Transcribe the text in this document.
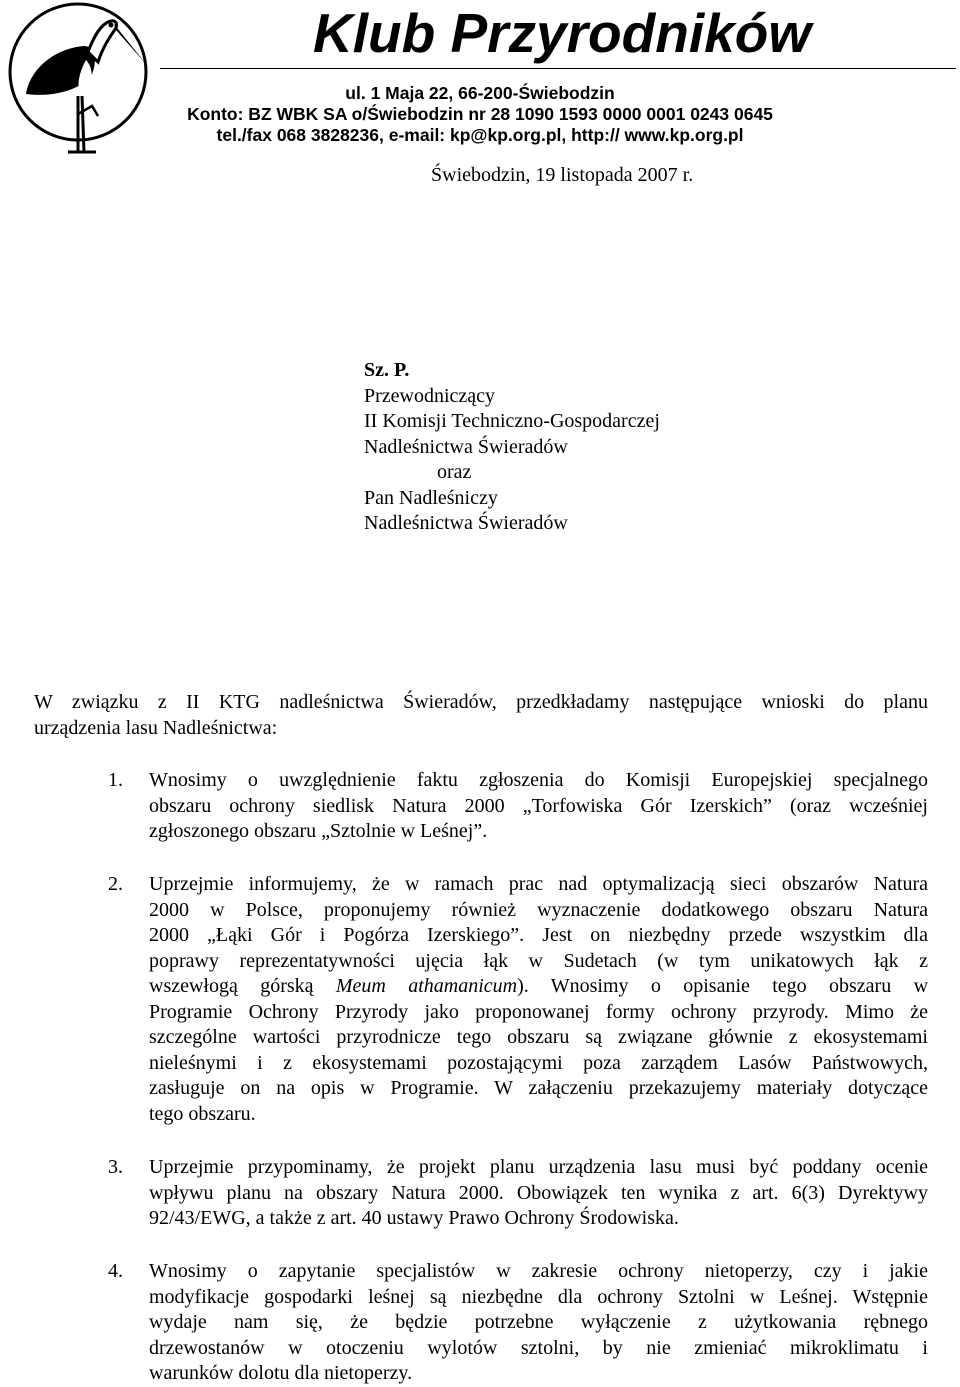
Klub Przyrodników
ul. 1 Maja 22, 66-200-Świebodzin
Konto: BZ WBK SA o/Świebodzin nr 28 1090 1593 0000 0001 0243 0645
tel./fax 068 3828236, e-mail: kp@kp.org.pl, http:// www.kp.org.pl
Świebodzin, 19 listopada 2007 r.
Sz. P.
Przewodniczący
II Komisji Techniczno-Gospodarczej
Nadleśnictwa Świeradów
oraz
Pan Nadleśniczy
Nadleśnictwa Świeradów
W związku z II KTG nadleśnictwa Świeradów, przedkładamy następujące wnioski do planu
urządzenia lasu Nadleśnictwa:
1.	Wnosimy o uwzględnienie faktu zgłoszenia do Komisji Europejskiej specjalnego
obszaru ochrony siedlisk Natura 2000 „Torfowiska Gór Izerskich” (oraz wcześniej
zgłoszonego obszaru „Sztolnie w Leśnej”.
2.	Uprzejmie informujemy, że w ramach prac nad optymalizacją sieci obszarów Natura
2000 w Polsce, proponujemy również wyznaczenie dodatkowego obszaru Natura
2000 „Łąki Gór i Pogórza Izerskiego”. Jest on niezbędny przede wszystkim dla
poprawy reprezentatywności ujęcia łąk w Sudetach (w tym unikatowych łąk z
wszewłogą górską Meum athamanicum). Wnosimy o opisanie tego obszaru w
Programie Ochrony Przyrody jako proponowanej formy ochrony przyrody. Mimo że
szczególne wartości przyrodnicze tego obszaru są związane głównie z ekosystemami
nieleśnymi i z ekosystemami pozostającymi poza zarządem Lasów Państwowych,
zasługuje on na opis w Programie. W załączeniu przekazujemy materiały dotyczące
tego obszaru.
3.	Uprzejmie przypominamy, że projekt planu urządzenia lasu musi być poddany ocenie
wpływu planu na obszary Natura 2000. Obowiązek ten wynika z art. 6(3) Dyrektywy
92/43/EWG, a także z art. 40 ustawy Prawo Ochrony Środowiska.
4.	Wnosimy o zapytanie specjalistów w zakresie ochrony nietoperzy, czy i jakie
modyfikacje gospodarki leśnej są niezbędne dla ochrony Sztolni w Leśnej. Wstępnie
wydaje nam się, że będzie potrzebne wyłączenie z użytkowania rębnego
drzewostanów w otoczeniu wylotów sztolni, by nie zmieniać mikroklimatu i
warunków dolotu dla nietoperzy.
